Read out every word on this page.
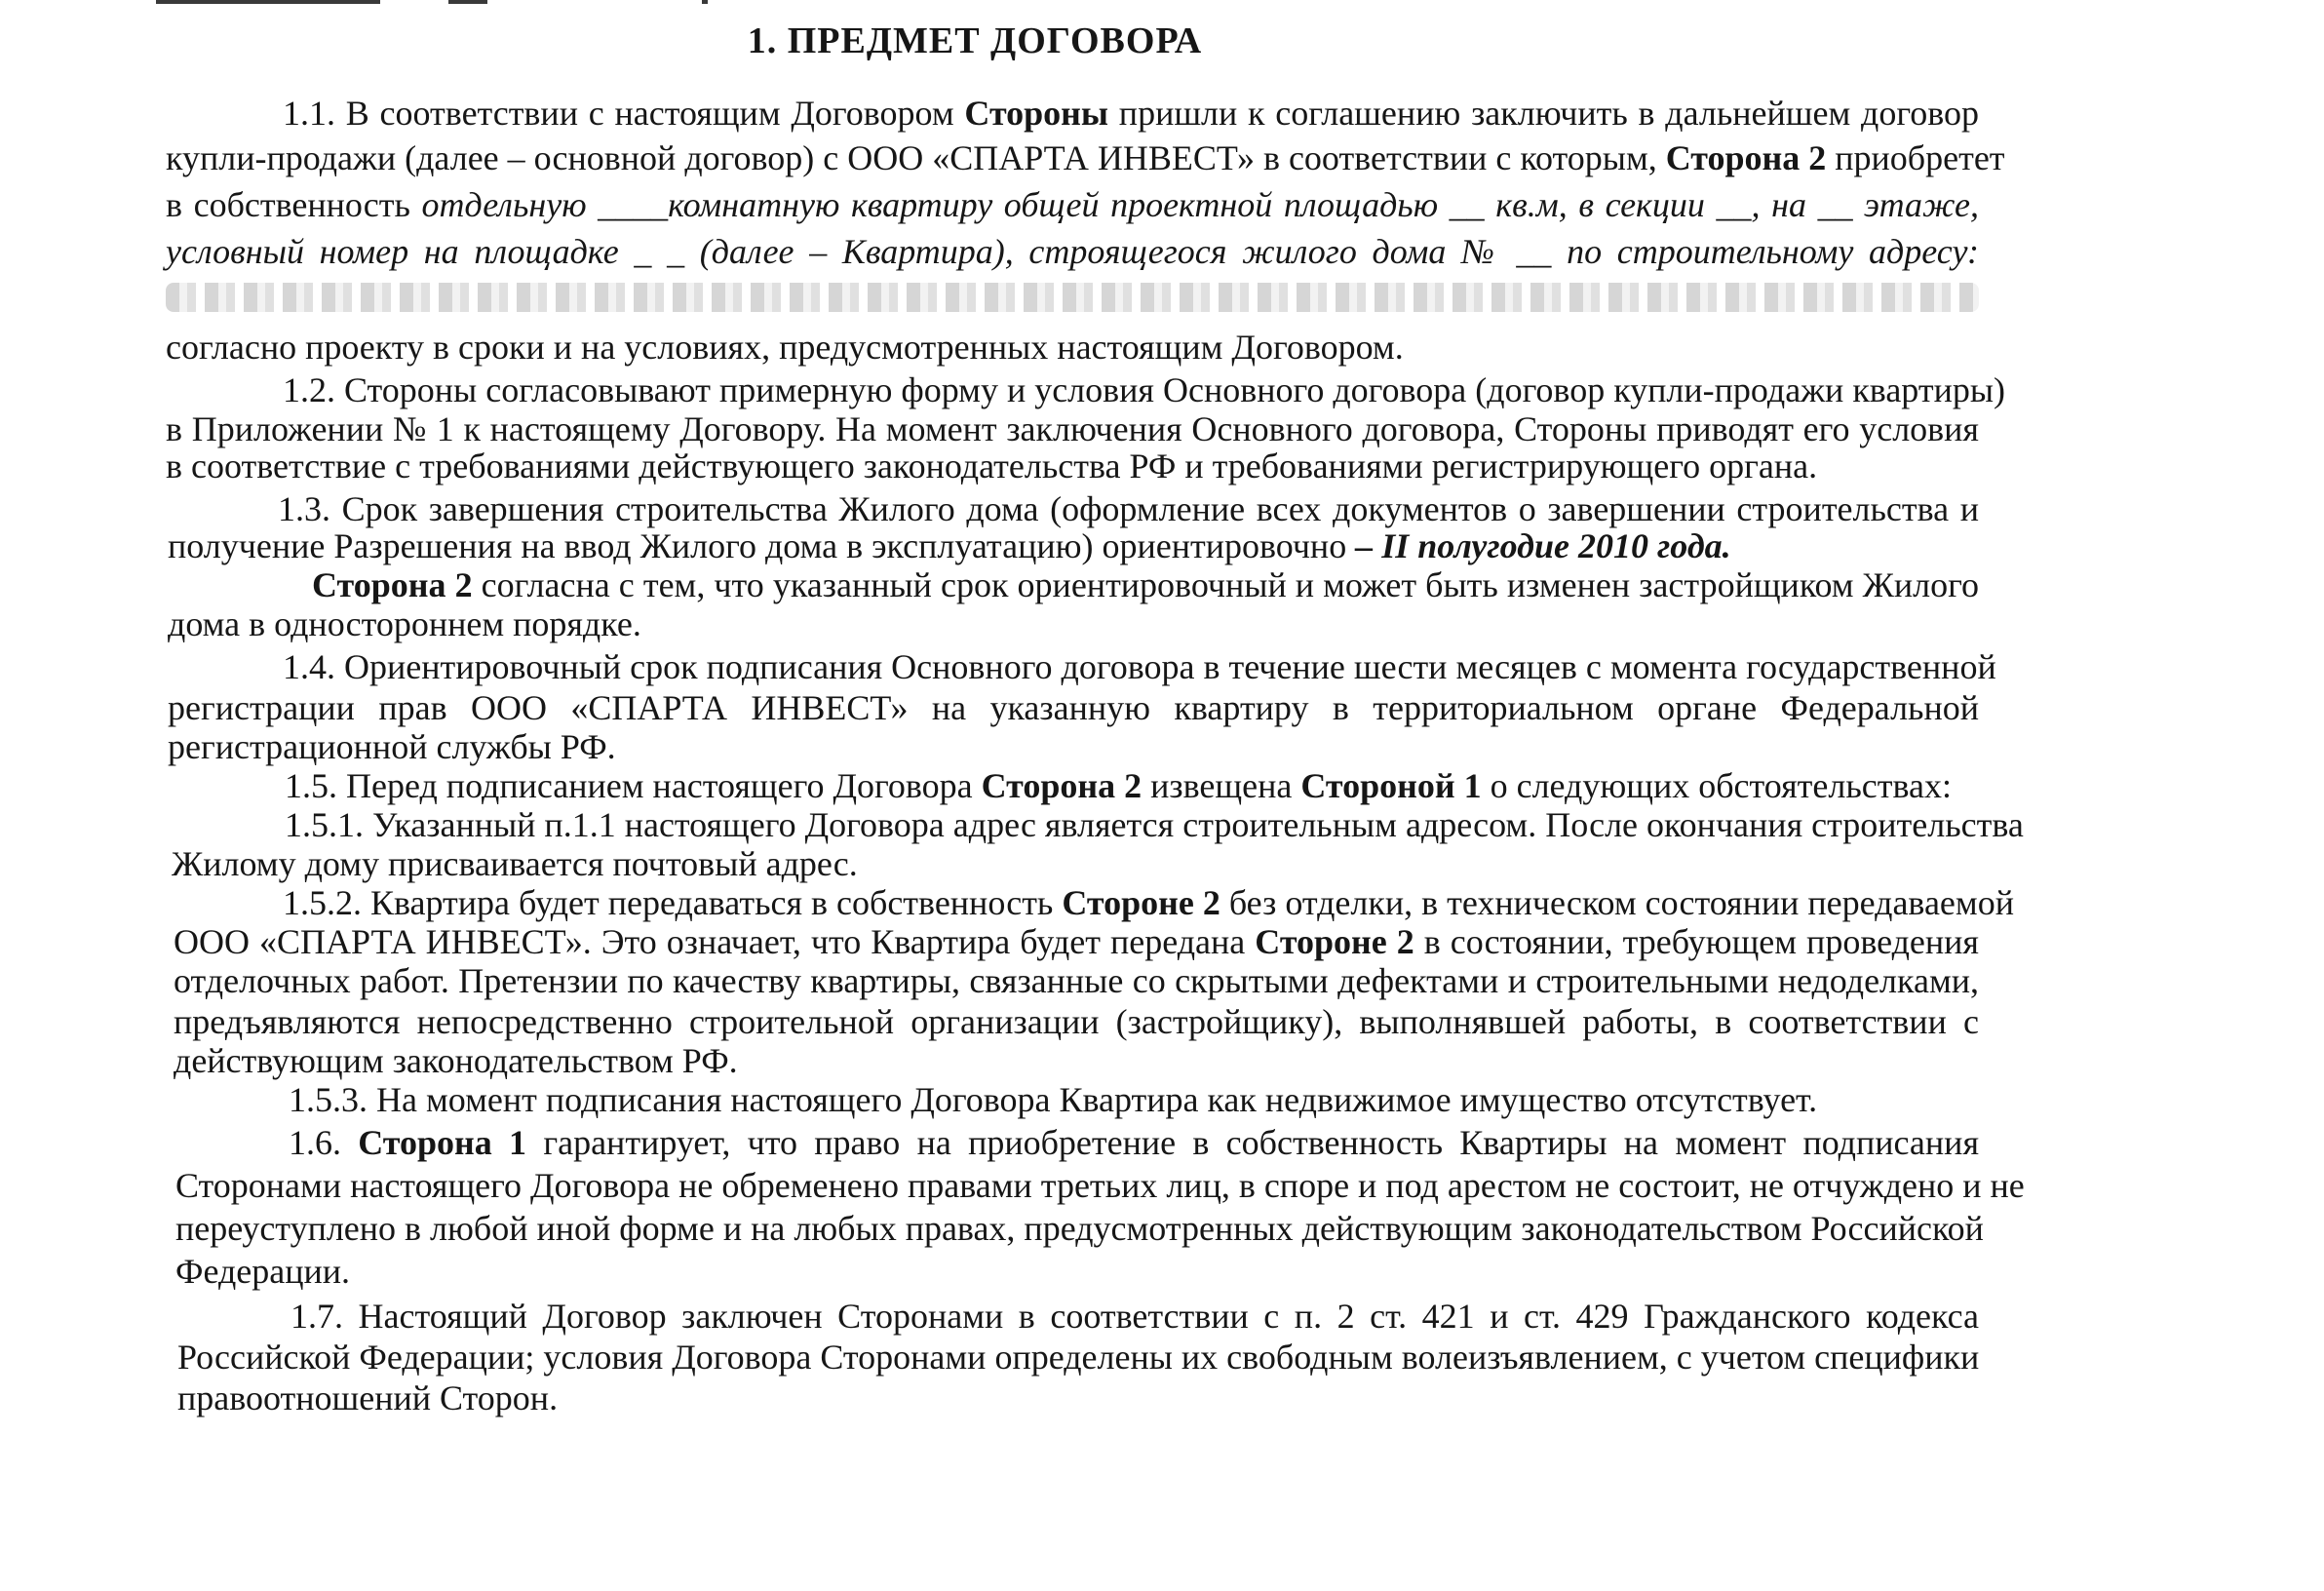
1. ПРЕДМЕТ ДОГОВОРА
1.1. В соответствии с настоящим Договором Стороны пришли к соглашению заключить в дальнейшем договор
купли-продажи (далее – основной договор) с ООО «СПАРТА ИНВЕСТ» в соответствии с которым, Сторона 2 приобретет
в собственность отдельную ____комнатную квартиру общей проектной площадью __ кв.м, в секции __, на __ этаже,
условный номер на площадке _ _ (далее – Квартира), строящегося жилого дома № __ по строительному адресу:
согласно проекту в сроки и на условиях, предусмотренных настоящим Договором.
1.2. Стороны согласовывают примерную форму и условия Основного договора (договор купли-продажи квартиры)
в Приложении № 1 к настоящему Договору. На момент заключения Основного договора, Стороны приводят его условия
в соответствие с требованиями действующего законодательства РФ и требованиями регистрирующего органа.
1.3. Срок завершения строительства Жилого дома (оформление всех документов о завершении строительства и
получение Разрешения на ввод Жилого дома в эксплуатацию) ориентировочно – II полугодие 2010 года.
Сторона 2 согласна с тем, что указанный срок ориентировочный и может быть изменен застройщиком Жилого
дома в одностороннем порядке.
1.4. Ориентировочный срок подписания Основного договора в течение шести месяцев с момента государственной
регистрации прав ООО «СПАРТА ИНВЕСТ» на указанную квартиру в территориальном органе Федеральной
регистрационной службы РФ.
1.5. Перед подписанием настоящего Договора Сторона 2 извещена Стороной 1 о следующих обстоятельствах:
1.5.1. Указанный п.1.1 настоящего Договора адрес является строительным адресом. После окончания строительства
Жилому дому присваивается почтовый адрес.
1.5.2. Квартира будет передаваться в собственность Стороне 2 без отделки, в техническом состоянии передаваемой
ООО «СПАРТА ИНВЕСТ». Это означает, что Квартира будет передана Стороне 2 в состоянии, требующем проведения
отделочных работ. Претензии по качеству квартиры, связанные со скрытыми дефектами и строительными недоделками,
предъявляются непосредственно строительной организации (застройщику), выполнявшей работы, в соответствии с
действующим законодательством РФ.
1.5.3. На момент подписания настоящего Договора Квартира как недвижимое имущество отсутствует.
1.6. Сторона 1 гарантирует, что право на приобретение в собственность Квартиры на момент подписания
Сторонами настоящего Договора не обременено правами третьих лиц, в споре и под арестом не состоит, не отчуждено и не
переуступлено в любой иной форме и на любых правах, предусмотренных действующим законодательством Российской
Федерации.
1.7. Настоящий Договор заключен Сторонами в соответствии с п. 2 ст. 421 и ст. 429 Гражданского кодекса
Российской Федерации; условия Договора Сторонами определены их свободным волеизъявлением, с учетом специфики
правоотношений Сторон.
